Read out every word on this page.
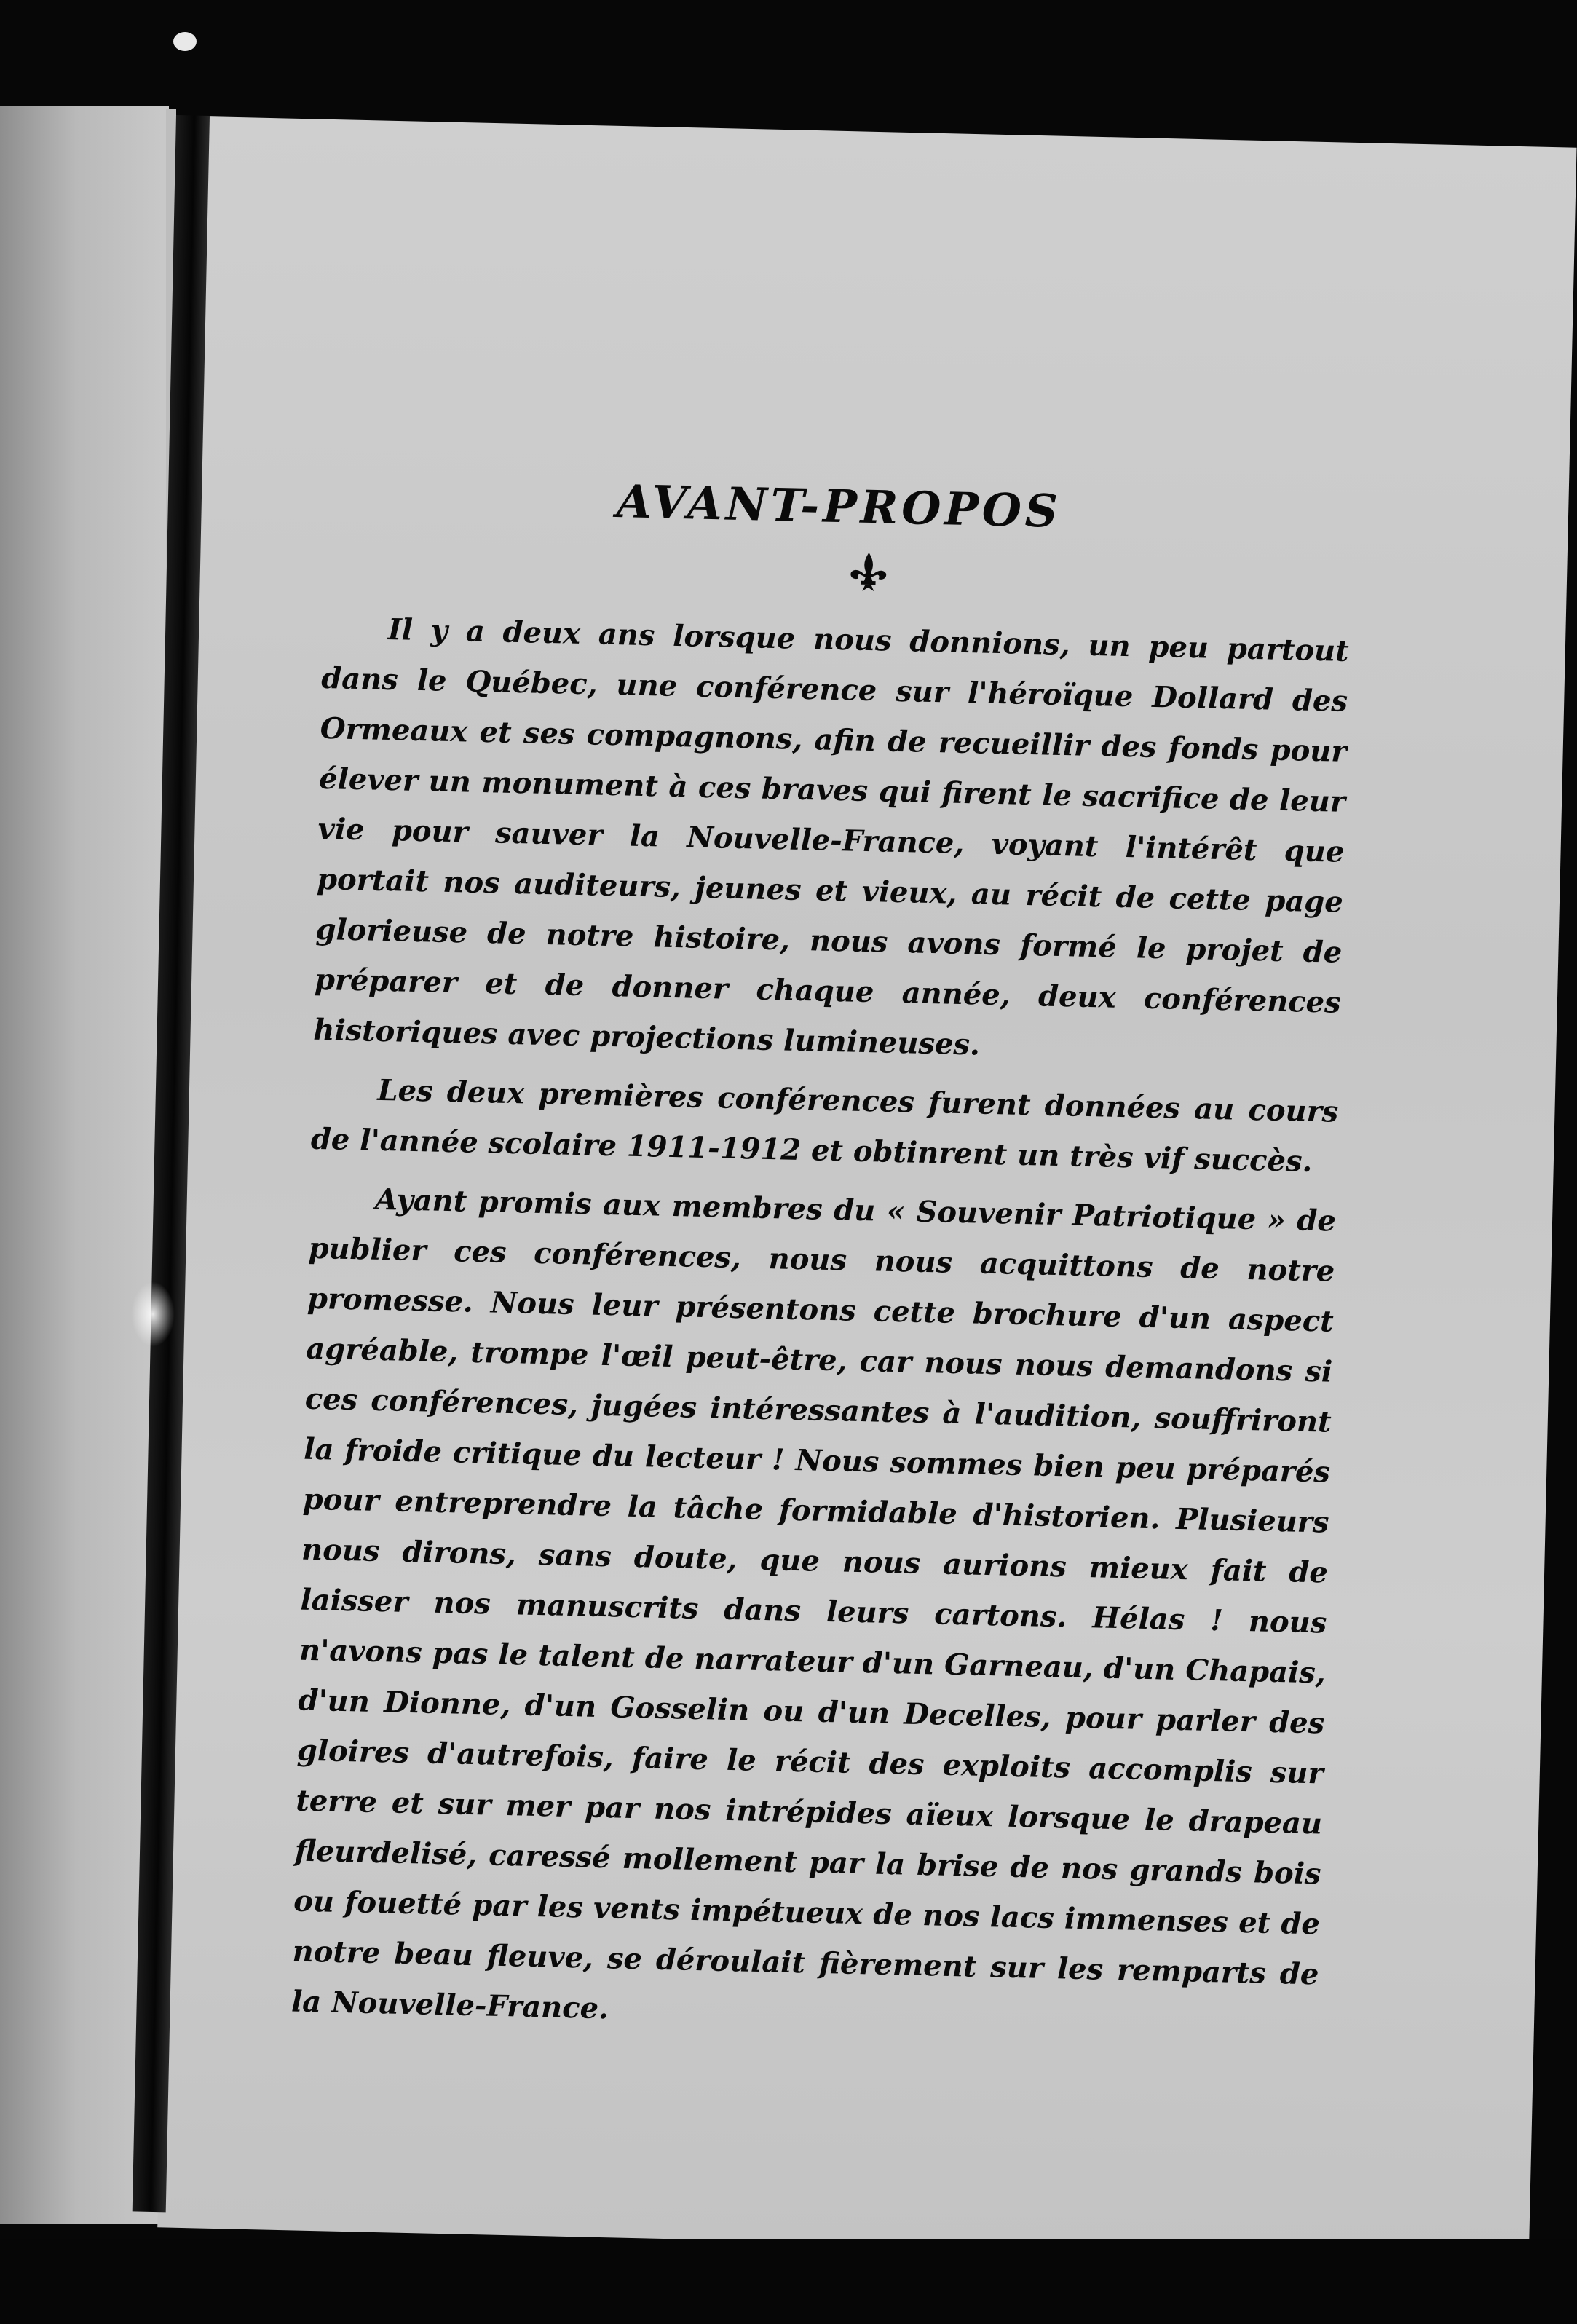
AVANT-PROPOS

Il y a deux ans lorsque nous donnions, un peu partout dans le Québec, une conférence sur l'héroïque Dollard des Ormeaux et ses compagnons, afin de recueillir des fonds pour élever un monument à ces braves qui firent le sacrifice de leur vie pour sauver la Nouvelle-France, voyant l'intérêt que portait nos auditeurs, jeunes et vieux, au récit de cette page glorieuse de notre histoire, nous avons formé le projet de préparer et de donner chaque année, deux conférences historiques avec projections lumineuses.

Les deux premières conférences furent données au cours de l'année scolaire 1911-1912 et obtinrent un très vif succès.

Ayant promis aux membres du « Souvenir Patriotique » de publier ces conférences, nous nous acquittons de notre promesse. Nous leur présentons cette brochure d'un aspect agréable, trompe l'œil peut-être, car nous nous demandons si ces conférences, jugées intéressantes à l'audition, souffriront la froide critique du lecteur ! Nous sommes bien peu préparés pour entreprendre la tâche formidable d'historien. Plusieurs nous dirons, sans doute, que nous aurions mieux fait de laisser nos manuscrits dans leurs cartons. Hélas ! nous n'avons pas le talent de narrateur d'un Garneau, d'un Chapais, d'un Dionne, d'un Gosselin ou d'un Decelles, pour parler des gloires d'autrefois, faire le récit des exploits accomplis sur terre et sur mer par nos intrépides aïeux lorsque le drapeau fleurdelisé, caressé mollement par la brise de nos grands bois ou fouetté par les vents impétueux de nos lacs immenses et de notre beau fleuve, se déroulait fièrement sur les remparts de la Nouvelle-France.
